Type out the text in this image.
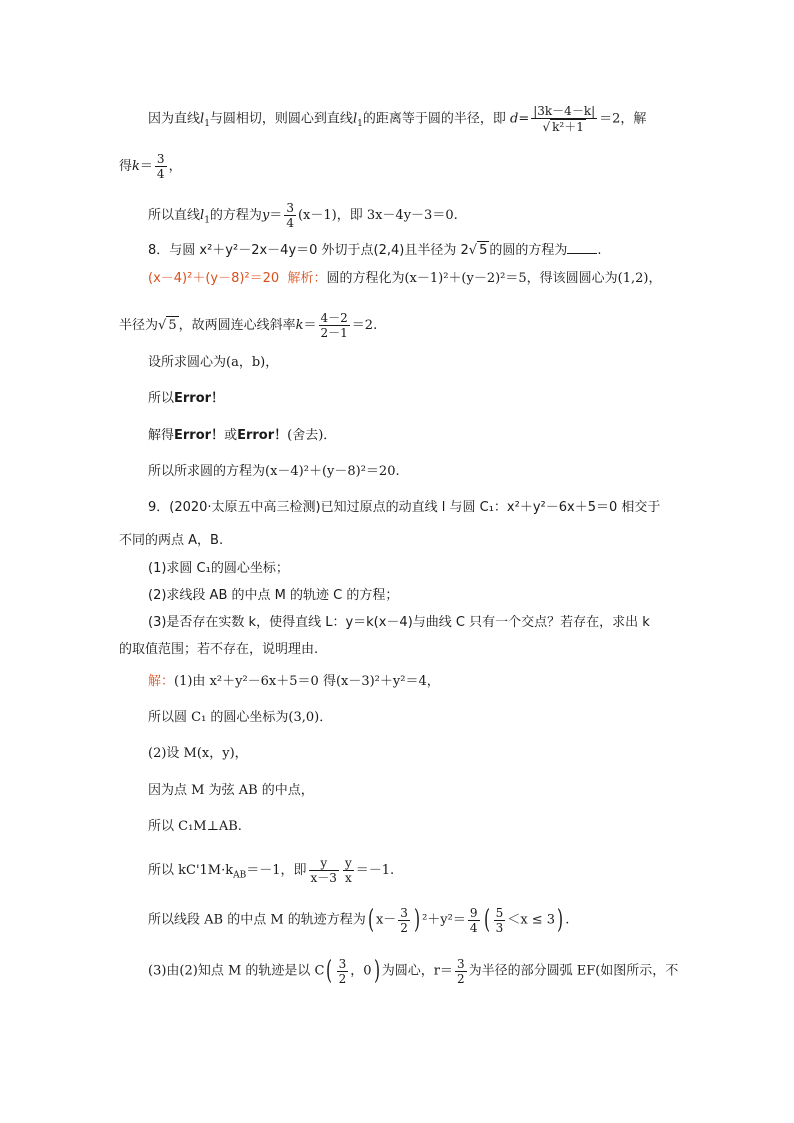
因为直线$l_1$与圆相切，则圆心到直线$l_1$的距离等于圆的半径，即 $d= \frac{|3k-4-k|}{\text{√ k²＋1}} =2$，解
得$k= \frac{3}{4}$ ，
所以直线$l_1$的方程为$y= \frac{3}{4} (x-1)$，即 3x－4y－3＝0.
8．与圆 x²＋y²－2x－4y＝0 外切于点(2,4)且半径为 2√ 5 的圆的方程为 .
(x－4)²＋(y－8)²＝20 解析：圆的方程化为(x－1)²＋(y－2)²＝5，得该圆圆心为(1,2)，
半径为√ 5 ，故两圆连心线斜率$k= \frac{4-2}{2-1} =2$.
设所求圆心为(a，b)，
所以Error！
解得Error！或Error！(舍去)．
所以所求圆的方程为(x－4)²＋(y－8)²＝20.
9．(2020·太原五中高三检测)已知过原点的动直线 l 与圆 C₁：x²＋y²－6x＋5＝0 相交于
不同的两点 A，B.
(1)求圆 C₁的圆心坐标；
(2)求线段 AB 的中点 M 的轨迹 C 的方程；
(3)是否存在实数 k，使得直线 L：y＝k(x－4)与曲线 C 只有一个交点？若存在，求出 k
的取值范围；若不存在，说明理由.
解：(1)由 x²＋y²－6x＋5＝0 得(x－3)²＋y²＝4，
所以圆 C₁ 的圆心坐标为(3,0)．
(2)设 M(x，y)，
因为点 M 为弦 AB 的中点，
所以 C₁M⊥AB.
所以 $kC'1M\cdot k_{AB}=-1$，即 $\frac{y}{x-3} \frac{y}{x} =-1$.
所以线段 AB 的中点 M 的轨迹方程为( $x- \frac{3}{2}$ ) $^2+y^2= \frac{9}{4}$ ( $\frac{5}{3} <x \le 3$) .
(3)由(2)知点 M 的轨迹是以 $C( \frac{3}{2}$ ，0) 为圆心，$r= \frac{3}{2}$ 为半径的部分圆弧 EF(如图所示，不
